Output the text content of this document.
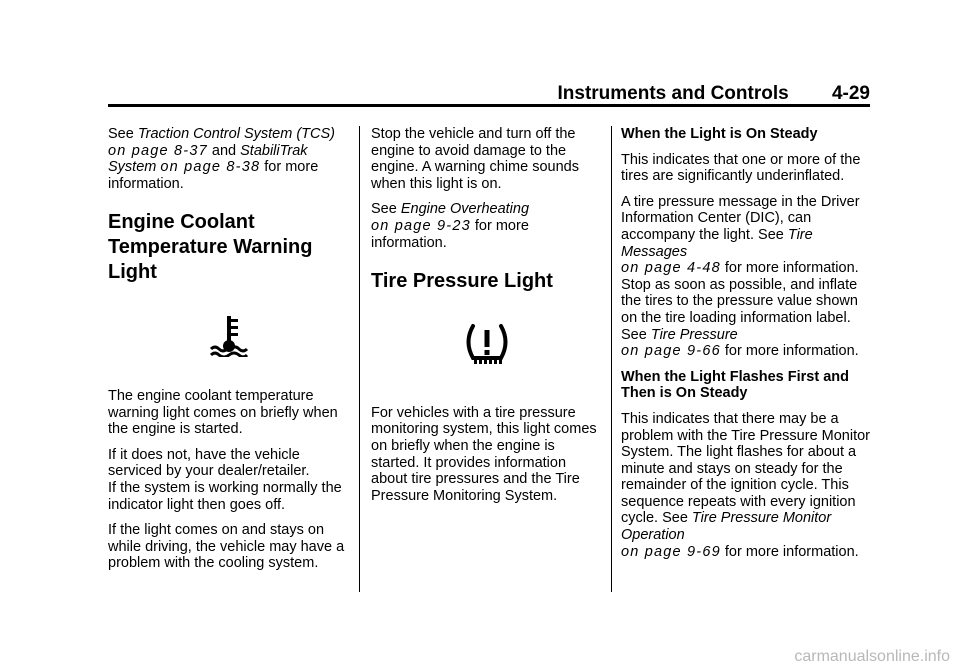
Instruments and Controls 4-29

See Traction Control System (TCS)
on page 8-37 and StabiliTrak System on page 8-38 for more information.

Engine Coolant Temperature Warning Light

The engine coolant temperature warning light comes on briefly when the engine is started.

If it does not, have the vehicle serviced by your dealer/retailer.
If the system is working normally the indicator light then goes off.

If the light comes on and stays on while driving, the vehicle may have a problem with the cooling system.

Stop the vehicle and turn off the engine to avoid damage to the engine. A warning chime sounds when this light is on.

See Engine Overheating
on page 9-23 for more information.

Tire Pressure Light

For vehicles with a tire pressure monitoring system, this light comes on briefly when the engine is started. It provides information about tire pressures and the Tire Pressure Monitoring System.

When the Light is On Steady

This indicates that one or more of the tires are significantly underinflated.

A tire pressure message in the Driver Information Center (DIC), can accompany the light. See Tire Messages
on page 4-48 for more information. Stop as soon as possible, and inflate the tires to the pressure value shown on the tire loading information label. See Tire Pressure
on page 9-66 for more information.

When the Light Flashes First and Then is On Steady

This indicates that there may be a problem with the Tire Pressure Monitor System. The light flashes for about a minute and stays on steady for the remainder of the ignition cycle. This sequence repeats with every ignition cycle. See Tire Pressure Monitor Operation
on page 9-69 for more information.

carmanualsonline.info
